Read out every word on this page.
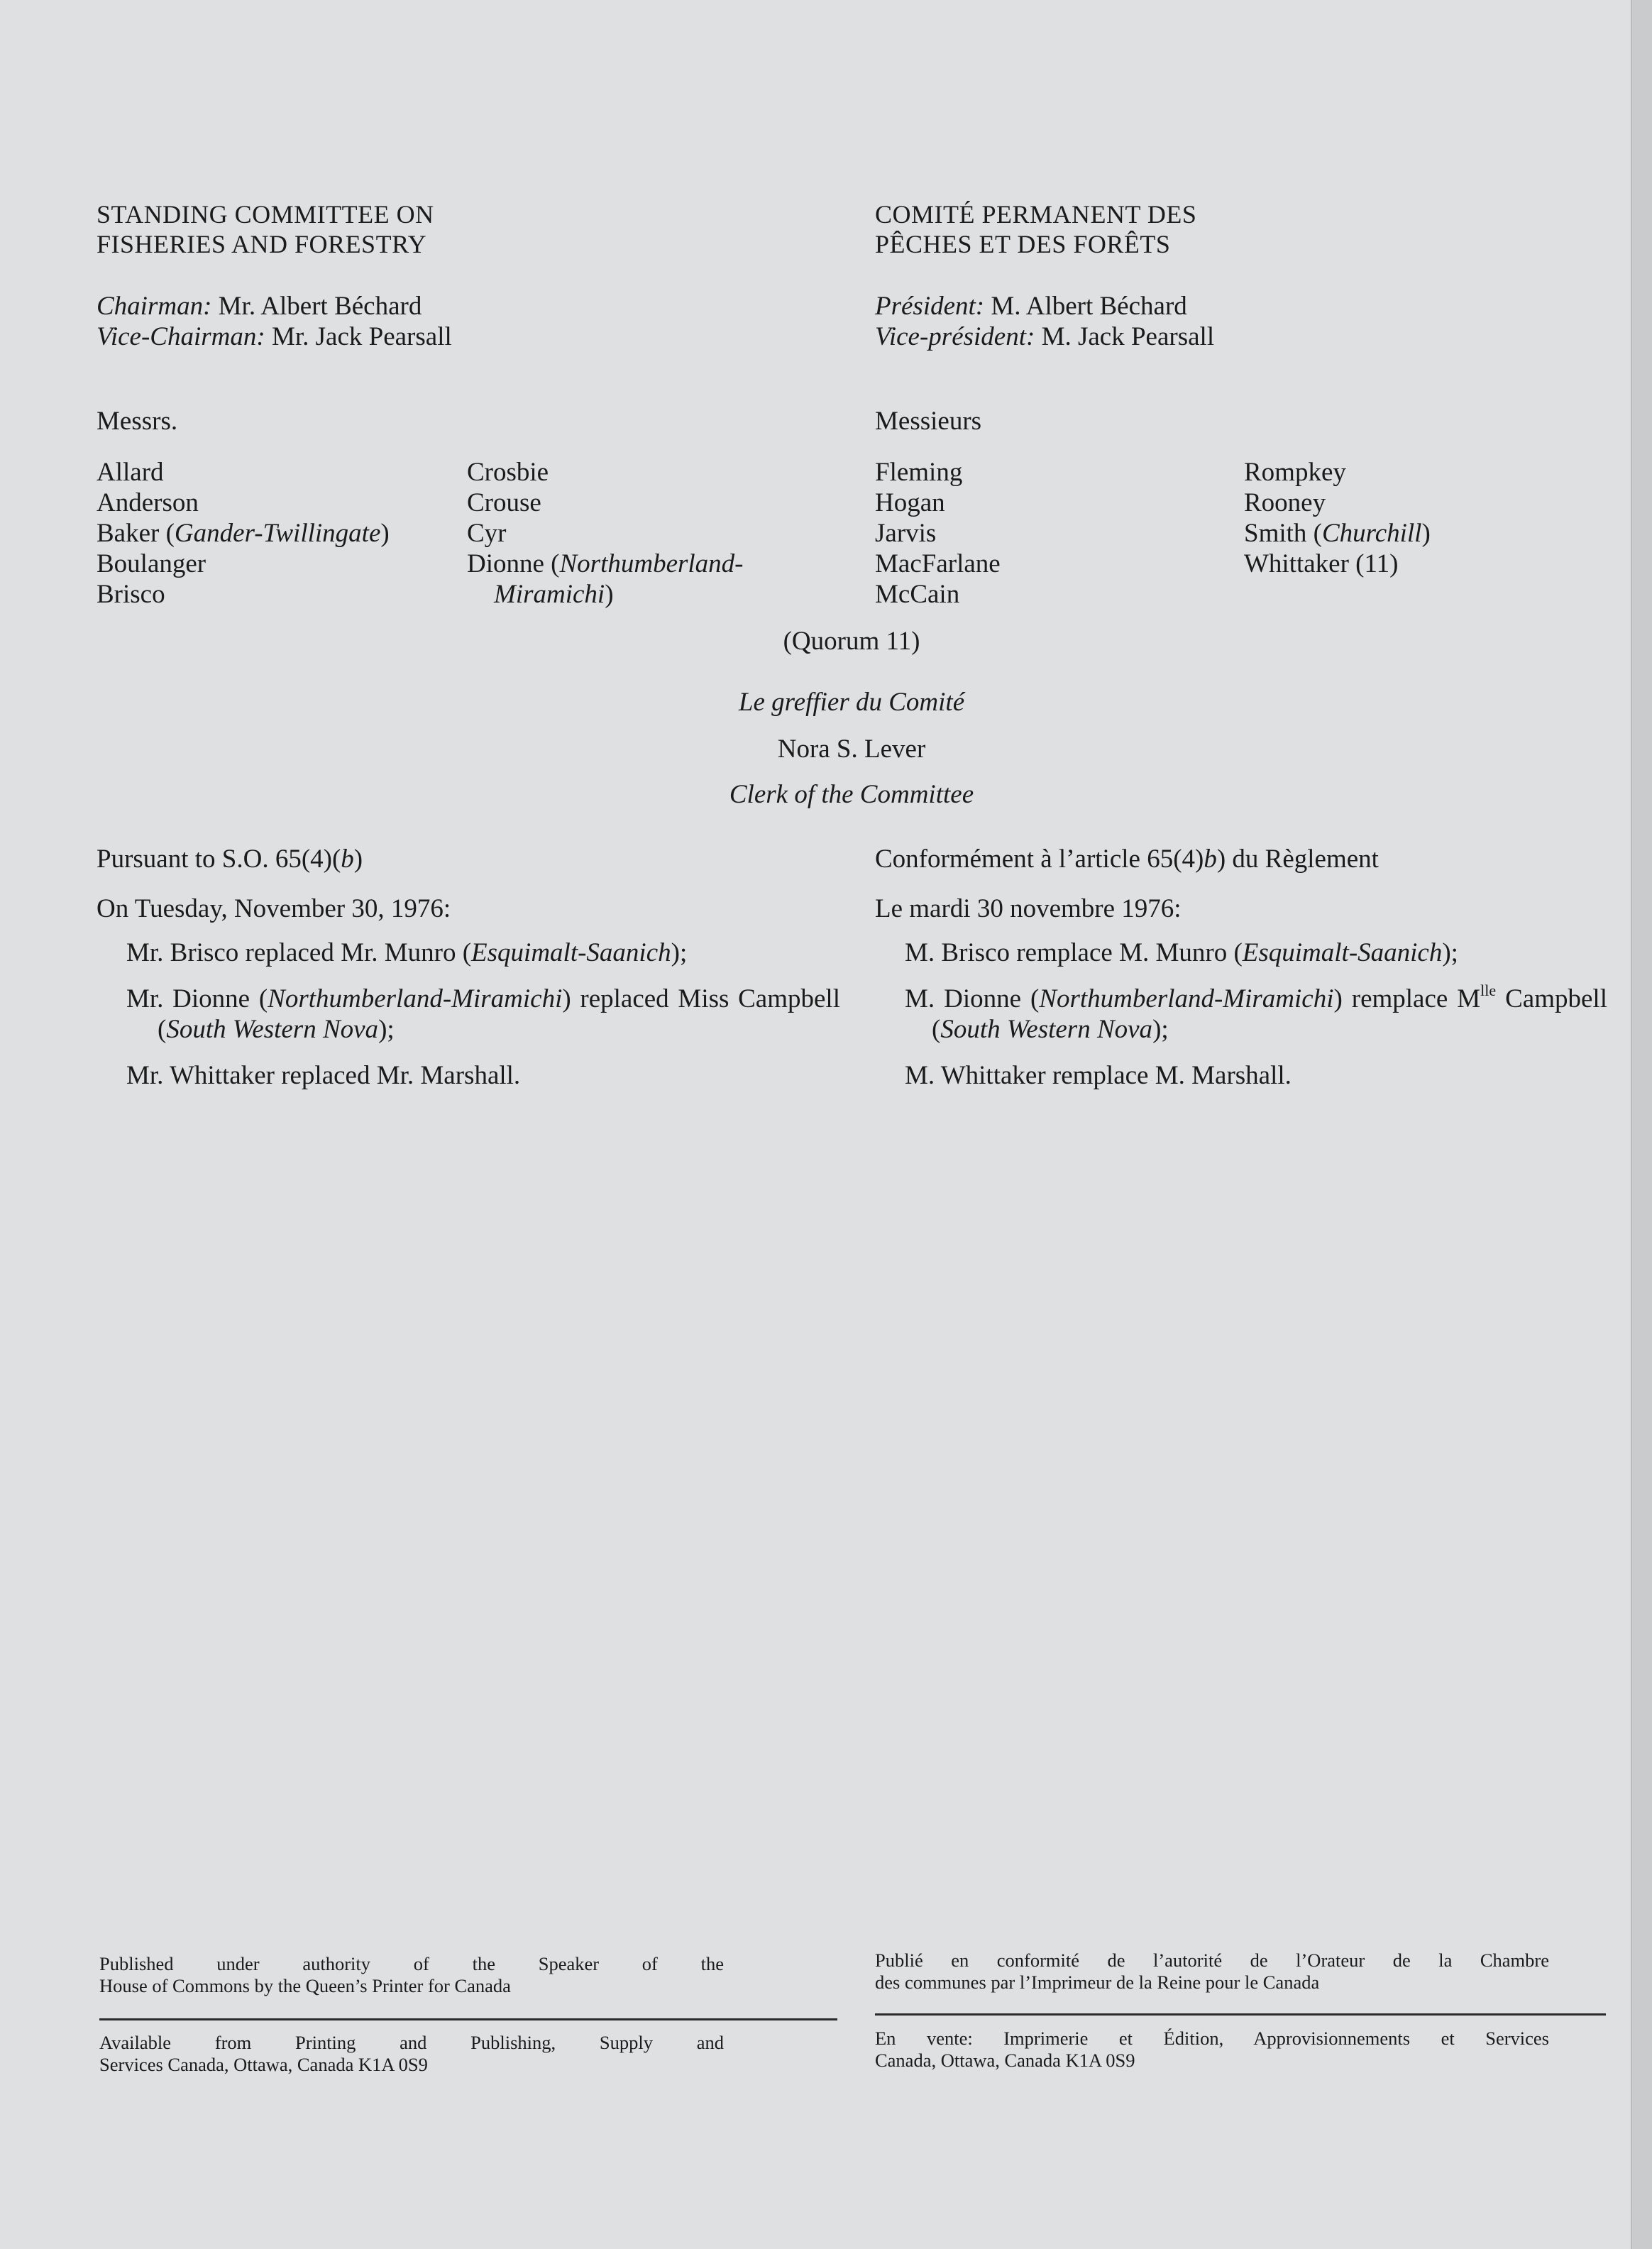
STANDING COMMITTEE ON
FISHERIES AND FORESTRY
Chairman: Mr. Albert Béchard
Vice-Chairman: Mr. Jack Pearsall
Messrs.
Allard
Anderson
Baker (Gander-Twillingate)
Boulanger
Brisco
Crosbie
Crouse
Cyr
Dionne (Northumberland-
Miramichi)
COMITÉ PERMANENT DES
PÊCHES ET DES FORÊTS
Président: M. Albert Béchard
Vice-président: M. Jack Pearsall
Messieurs
Fleming
Hogan
Jarvis
MacFarlane
McCain
Rompkey
Rooney
Smith (Churchill)
Whittaker (11)
(Quorum 11)
Le greffier du Comité
Nora S. Lever
Clerk of the Committee
Pursuant to S.O. 65(4)(b)
On Tuesday, November 30, 1976:
Mr. Brisco replaced Mr. Munro (Esquimalt-Saanich);
Mr. Dionne (Northumberland-Miramichi) replaced Miss Campbell (South Western Nova);
Mr. Whittaker replaced Mr. Marshall.
Conformément à l’article 65(4)b) du Règlement
Le mardi 30 novembre 1976:
M. Brisco remplace M. Munro (Esquimalt-Saanich);
M. Dionne (Northumberland-Miramichi) remplace $M^{lle}$ Campbell (South Western Nova);
M. Whittaker remplace M. Marshall.
Published under authority of the Speaker of the
House of Commons by the Queen’s Printer for Canada
Available from Printing and Publishing, Supply and
Services Canada, Ottawa, Canada K1A 0S9
Publié en conformité de l’autorité de l’Orateur de la Chambre
des communes par l’Imprimeur de la Reine pour le Canada
En vente: Imprimerie et Édition, Approvisionnements et Services
Canada, Ottawa, Canada K1A 0S9
